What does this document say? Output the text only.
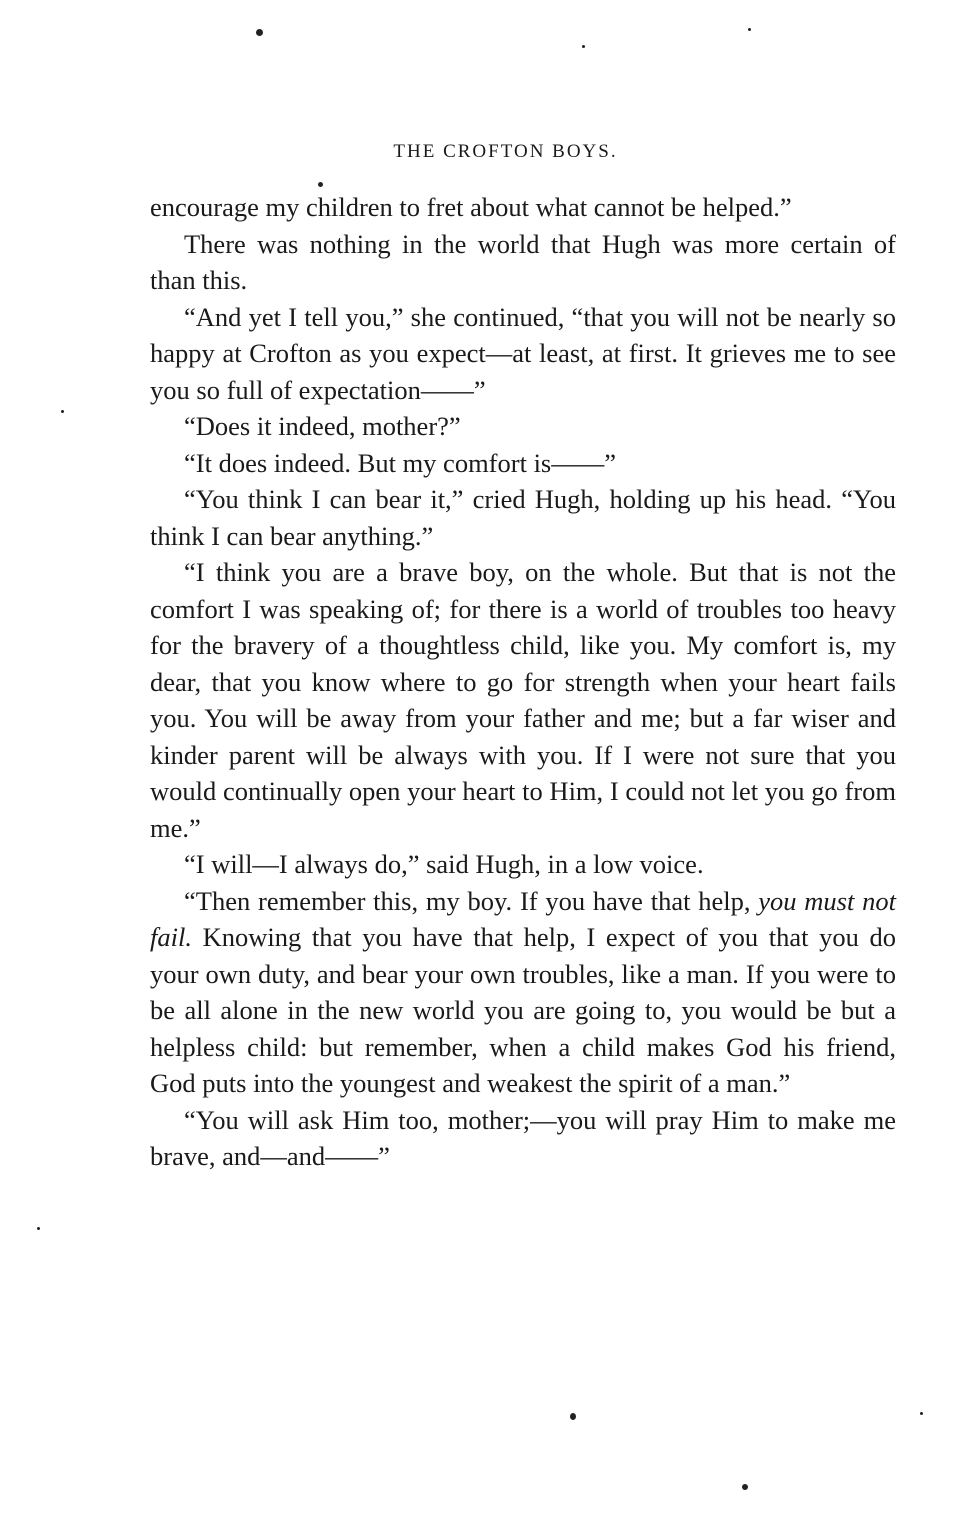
THE CROFTON BOYS.

encourage my children to fret about what cannot be helped.”

There was nothing in the world that Hugh was more certain of than this.

“And yet I tell you,” she continued, “that you will not be nearly so happy at Crofton as you expect—at least, at first. It grieves me to see you so full of expectation——”

“Does it indeed, mother?”

“It does indeed. But my comfort is——”

“You think I can bear it,” cried Hugh, holding up his head. “You think I can bear anything.”

“I think you are a brave boy, on the whole. But that is not the comfort I was speaking of; for there is a world of troubles too heavy for the bravery of a thoughtless child, like you. My comfort is, my dear, that you know where to go for strength when your heart fails you. You will be away from your father and me; but a far wiser and kinder parent will be always with you. If I were not sure that you would continually open your heart to Him, I could not let you go from me.”

“I will—I always do,” said Hugh, in a low voice.

“Then remember this, my boy. If you have that help, you must not fail. Knowing that you have that help, I expect of you that you do your own duty, and bear your own troubles, like a man. If you were to be all alone in the new world you are going to, you would be but a helpless child: but remember, when a child makes God his friend, God puts into the youngest and weakest the spirit of a man.”

“You will ask Him too, mother;—you will pray Him to make me brave, and—and——”
